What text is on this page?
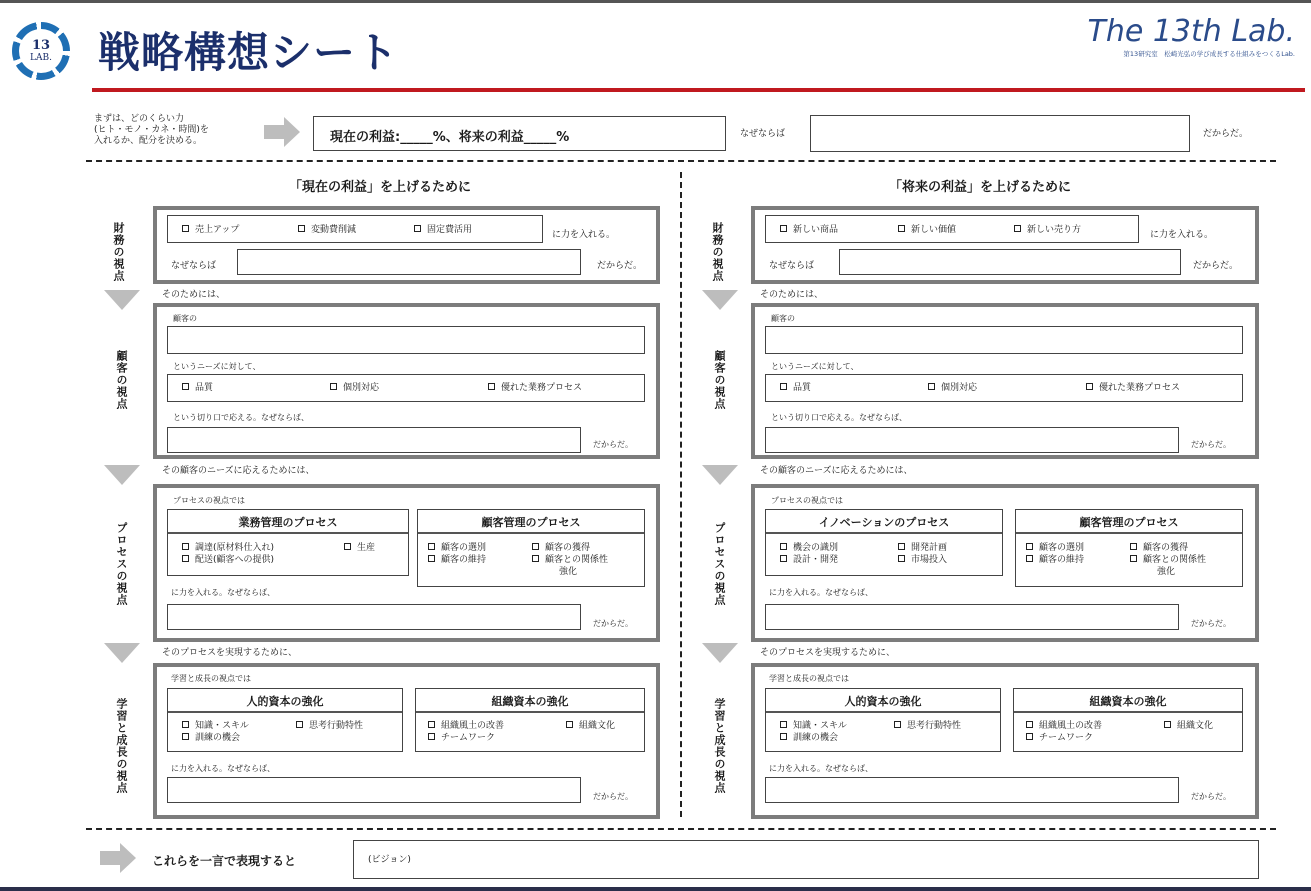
13
LAB. 戦略構想シート	The 13th Lab.
第13研究室　松崎光弘の学び成長する仕組みをつくるLab.
まずは、どのくらい力
(ヒト・モノ・カネ・時間)を
入れるか、配分を決める。	現在の利益:_____%、将来の利益_____%	なぜならば	だからだ。
「現在の利益」を上げるために
財務の視点	売上アップ	変動費削減	固定費活用	に力を入れる。
なぜならば	だからだ。
そのためには、
顧客の視点
顧客の
というニーズに対して、
品質	個別対応	優れた業務プロセス
という切り口で応える。なぜならば、
だからだ。
その顧客のニーズに応えるためには、
プロセスの視点
プロセスの視点では
業務管理のプロセス
調達(原材料仕入れ)	生産
配送(顧客への提供)
顧客管理のプロセス
顧客の選別	顧客の獲得
顧客の維持	顧客との関係性
強化
に力を入れる。なぜならば、
だからだ。
そのプロセスを実現するために、
学習と成長の視点
学習と成長の視点では
人的資本の強化
知識・スキル	思考行動特性
訓練の機会
組織資本の強化
組織風土の改善	組織文化
チームワーク
に力を入れる。なぜならば、
だからだ。
「将来の利益」を上げるために
財務の視点	新しい商品	新しい価値	新しい売り方	に力を入れる。
なぜならば	だからだ。
そのためには、
顧客の視点
顧客の
というニーズに対して、
品質	個別対応	優れた業務プロセス
という切り口で応える。なぜならば、
だからだ。
その顧客のニーズに応えるためには、
プロセスの視点
プロセスの視点では
イノベーションのプロセス
機会の識別	開発計画
設計・開発	市場投入
顧客管理のプロセス
顧客の選別	顧客の獲得
顧客の維持	顧客との関係性
強化
に力を入れる。なぜならば、
だからだ。
そのプロセスを実現するために、
学習と成長の視点
学習と成長の視点では
人的資本の強化
知識・スキル	思考行動特性
訓練の機会
組織資本の強化
組織風土の改善	組織文化
チームワーク
に力を入れる。なぜならば、
だからだ。
これらを一言で表現すると	(ビジョン)
